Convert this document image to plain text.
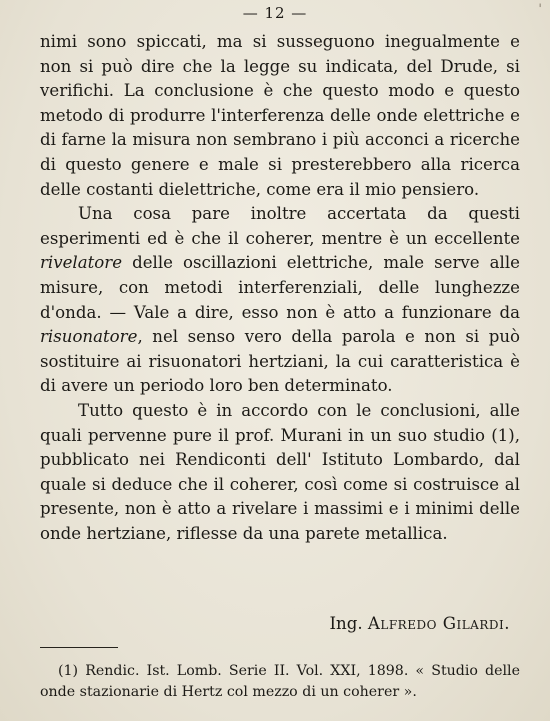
— 12 —	'

nimi sono spiccati, ma si susseguono inegualmente e non si può dire che la legge su indicata, del Drude, si verifichi. La conclusione è che questo modo e questo metodo di produrre l'interferenza delle onde elettriche e di farne la misura non sembrano i più acconci a ricerche di questo genere e male si presterebbero alla ricerca delle costanti dielettriche, come era il mio pensiero.

Una cosa pare inoltre accertata da questi esperimenti ed è che il coherer, mentre è un eccellente rivelatore delle oscillazioni elettriche, male serve alle misure, con metodi interferenziali, delle lunghezze d'onda. — Vale a dire, esso non è atto a funzionare da risuonatore, nel senso vero della parola e non si può sostituire ai risuonatori hertziani, la cui caratteristica è di avere un periodo loro ben determinato.

Tutto questo è in accordo con le conclusioni, alle quali pervenne pure il prof. Murani in un suo studio (1), pubblicato nei Rendiconti dell' Istituto Lombardo, dal quale si deduce che il coherer, così come si costruisce al presente, non è atto a rivelare i massimi e i minimi delle onde hertziane, riflesse da una parete metallica.

Ing. Alfredo Gilardi.

(1) Rendic. Ist. Lomb. Serie II. Vol. XXI, 1898. « Studio delle onde stazionarie di Hertz col mezzo di un coherer ».
